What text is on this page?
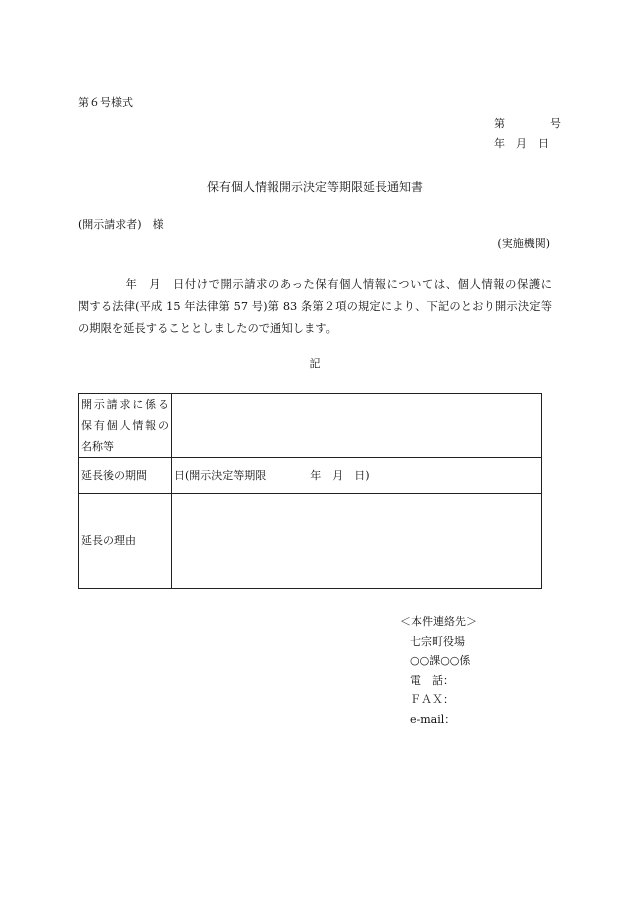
第６号様式
第	号
年　 月　 日
保有個人情報開示決定等期限延長通知書
(開示請求者)　様
(実施機関)
　　　　年　月　日付けで開示請求のあった保有個人情報については、個人情報の保護に
関する法律(平成 15 年法律第 57 号)第 83 条第２項の規定により、下記のとおり開示決定等
の期限を延長することとしましたので通知します。
記
開示請求に係る
保有個人情報の
名称等	

延長後の期間	日(開示決定等期限　　　　年　月　日)
延長の理由	
＜本件連絡先＞
七宗町役場
○○課○○係
電　話：
ＦＡＸ：
e-mail：
